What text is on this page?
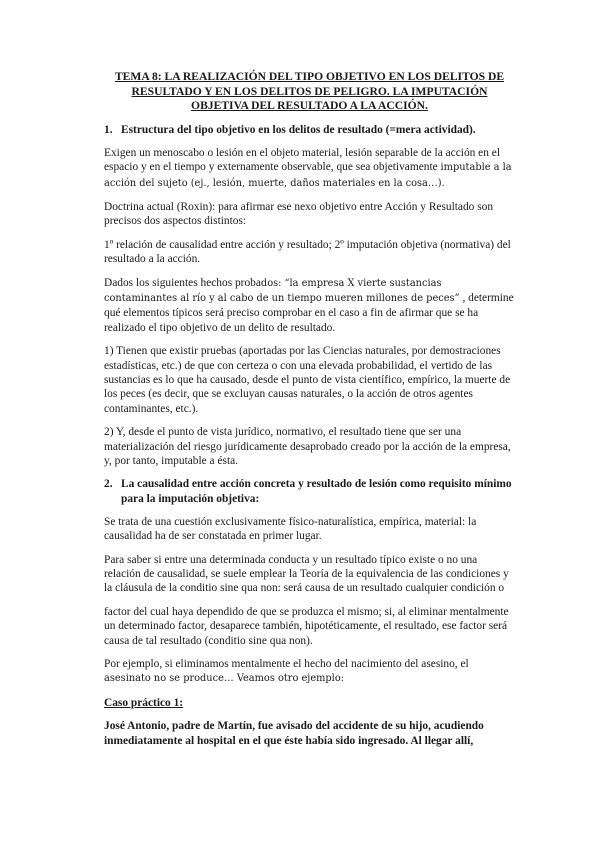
TEMA 8: LA REALIZACIÓN DEL TIPO OBJETIVO EN LOS DELITOS DE RESULTADO Y EN LOS DELITOS DE PELIGRO. LA IMPUTACIÓN OBJETIVA DEL RESULTADO A LA ACCIÓN.
1. Estructura del tipo objetivo en los delitos de resultado (=mera actividad).
Exigen un menoscabo o lesión en el objeto material, lesión separable de la acción en el espacio y en el tiempo y externamente observable, que sea objetivamente imputable a la acción del sujeto (ej., lesión, muerte, daños materiales en la cosa…).
Doctrina actual (Roxin): para afirmar ese nexo objetivo entre Acción y Resultado son precisos dos aspectos distintos:
1º relación de causalidad entre acción y resultado; 2º imputación objetiva (normativa) del resultado a la acción.
Dados los siguientes hechos probados: “la empresa X vierte sustancias contaminantes al río y al cabo de un tiempo mueren millones de peces” , determine qué elementos típicos será preciso comprobar en el caso a fin de afirmar que se ha realizado el tipo objetivo de un delito de resultado.
1) Tienen que existir pruebas (aportadas por las Ciencias naturales, por demostraciones estadísticas, etc.) de que con certeza o con una elevada probabilidad, el vertido de las sustancias es lo que ha causado, desde el punto de vista científico, empírico, la muerte de los peces (es decir, que se excluyan causas naturales, o la acción de otros agentes contaminantes, etc.).
2) Y, desde el punto de vista jurídico, normativo, el resultado tiene que ser una materialización del riesgo jurídicamente desaprobado creado por la acción de la empresa, y, por tanto, imputable a ésta.
2. La causalidad entre acción concreta y resultado de lesión como requisito mínimo para la imputación objetiva:
Se trata de una cuestión exclusivamente físico-naturalística, empírica, material: la causalidad ha de ser constatada en primer lugar.
Para saber si entre una determinada conducta y un resultado típico existe o no una relación de causalidad, se suele emplear la Teoría de la equivalencia de las condiciones y la cláusula de la conditio sine qua non: será causa de un resultado cualquier condición o
factor del cual haya dependido de que se produzca el mismo; si, al eliminar mentalmente un determinado factor, desaparece también, hipotéticamente, el resultado, ese factor será causa de tal resultado (conditio sine qua non).
Por ejemplo, si eliminamos mentalmente el hecho del nacimiento del asesino, el asesinato no se produce… Veamos otro ejemplo:
Caso práctico 1:
José Antonio, padre de Martín, fue avisado del accidente de su hijo, acudiendo inmediatamente al hospital en el que éste había sido ingresado. Al llegar allí,
